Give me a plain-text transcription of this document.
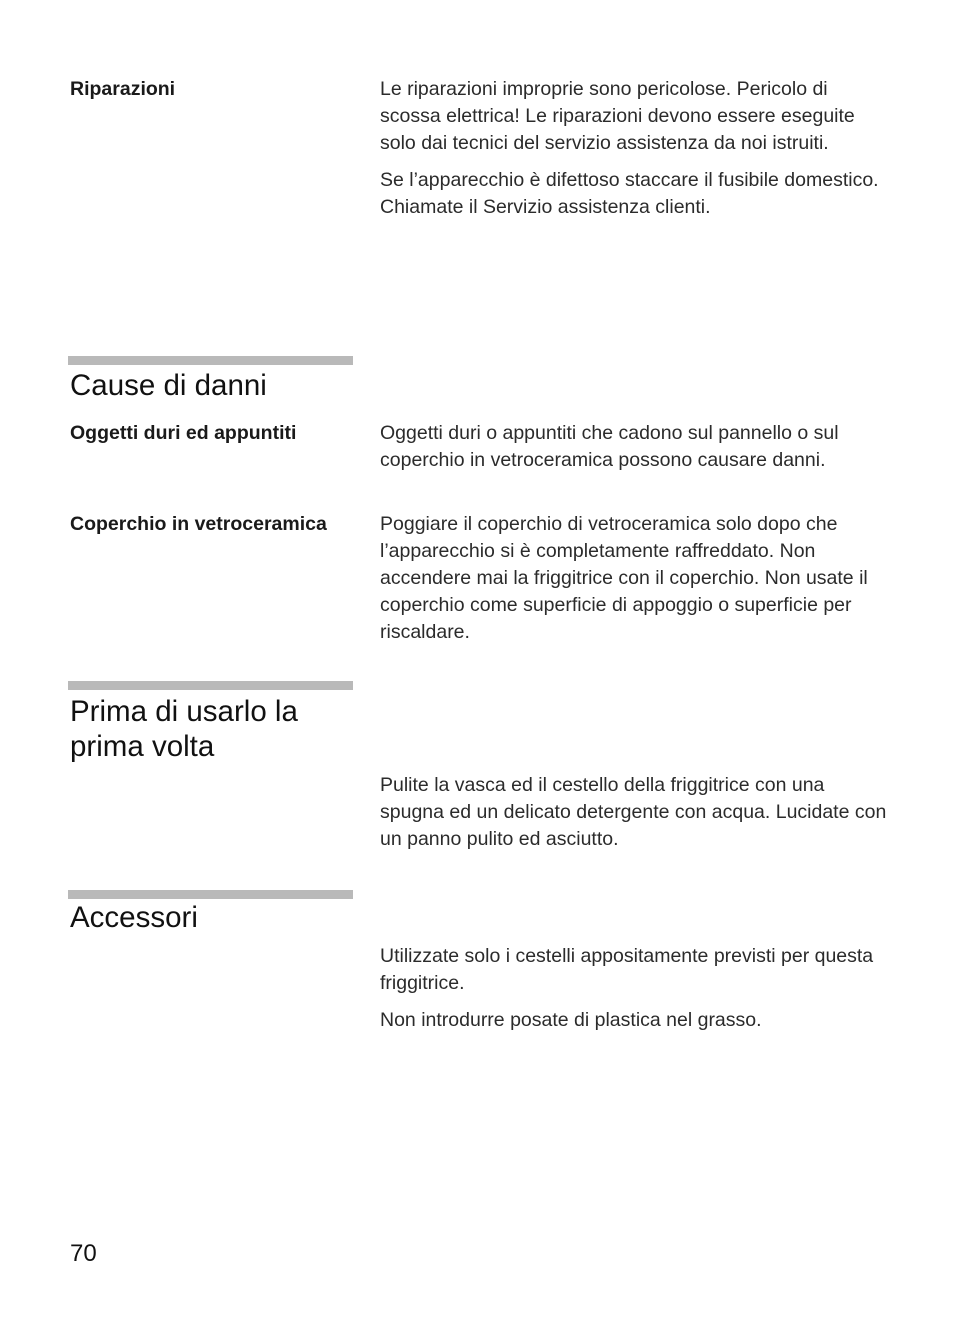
Riparazioni	Le riparazioni improprie sono pericolose. Pericolo di scossa elettrica! Le riparazioni devono essere eseguite solo dai tecnici del servizio assistenza da noi istruiti.

Se l’apparecchio è difettoso staccare il fusibile domestico. Chiamate il Servizio assistenza clienti.

Cause di danni
Oggetti duri ed appuntiti	Oggetti duri o appuntiti che cadono sul pannello o sul coperchio in vetroceramica possono causare danni.

Coperchio in vetroceramica	Poggiare il coperchio di vetroceramica solo dopo che l’apparecchio si è completamente raffreddato. Non accendere mai la friggitrice con il coperchio. Non usate il coperchio come superficie di appoggio o superficie per riscaldare.

Prima di usarlo la prima volta

Pulite la vasca ed il cestello della friggitrice con una spugna ed un delicato detergente con acqua. Lucidate con un panno pulito ed asciutto.

Accessori

Utilizzate solo i cestelli appositamente previsti per questa friggitrice.

Non introdurre posate di plastica nel grasso.

70
